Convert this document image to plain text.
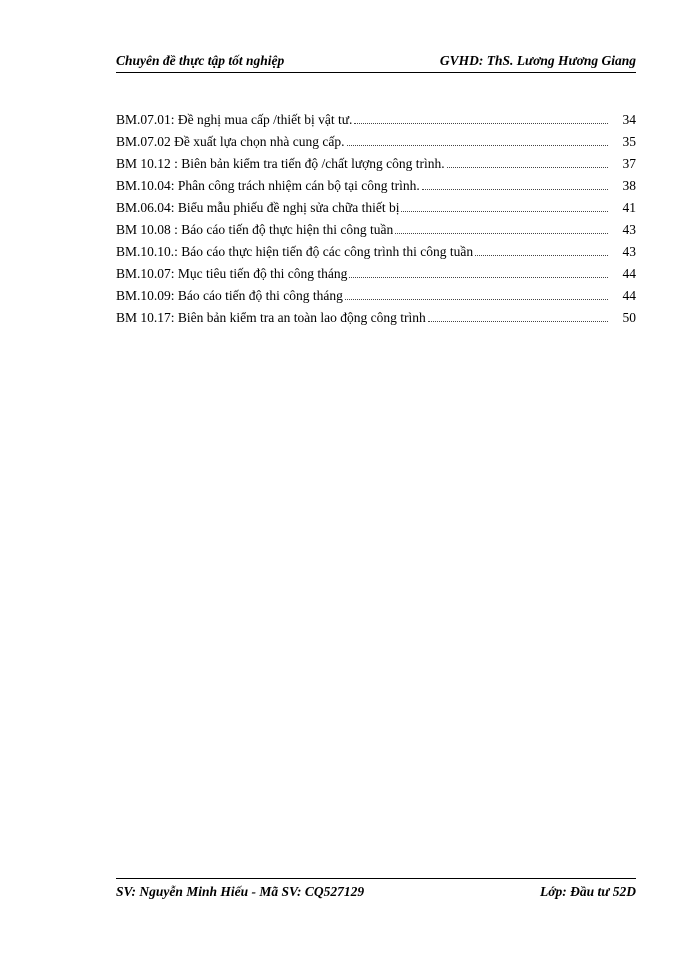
Chuyên đề thực tập tốt nghiệp	GVHD: ThS. Lương Hương Giang
BM.07.01: Đề nghị mua cấp /thiết bị vật tư.	34
BM.07.02 Đề xuất lựa chọn nhà cung cấp.	35
BM 10.12 : Biên bản kiểm tra tiến độ /chất lượng công trình.	37
BM.10.04: Phân công trách nhiệm cán bộ tại công trình.	38
BM.06.04: Biểu mẫu phiếu đề nghị sửa chữa thiết bị	41
BM 10.08 : Báo cáo tiến độ thực hiện thi công tuần	43
BM.10.10.: Báo cáo thực hiện tiến độ các công trình thi công tuần	43
BM.10.07: Mục tiêu tiến độ thi công tháng	44
BM.10.09: Báo cáo tiến độ thi công tháng	44
BM 10.17: Biên bản kiểm tra an toàn lao động công trình	50
SV: Nguyễn Minh Hiếu - Mã SV: CQ527129	Lớp: Đầu tư 52D
